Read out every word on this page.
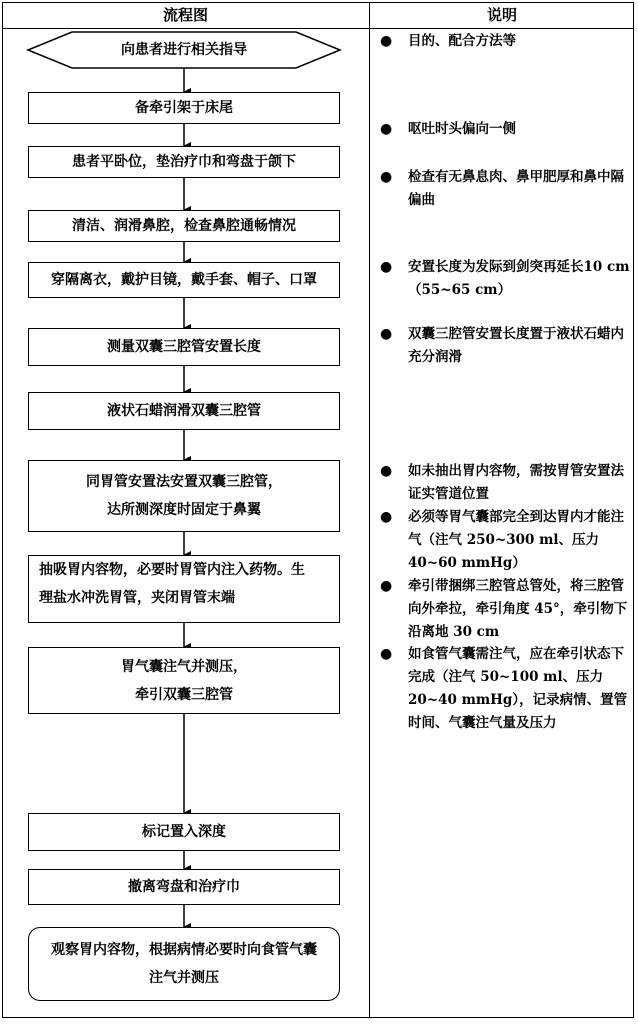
流程图	说明
向患者进行相关指导
备牵引架于床尾
患者平卧位，垫治疗巾和弯盘于颌下
清洁、润滑鼻腔，检查鼻腔通畅情况
穿隔离衣，戴护目镜，戴手套、帽子、口罩
测量双囊三腔管安置长度
液状石蜡润滑双囊三腔管
同胃管安置法安置双囊三腔管，
达所测深度时固定于鼻翼
抽吸胃内容物，必要时胃管内注入药物。生
理盐水冲洗胃管，夹闭胃管末端
胃气囊注气并测压，
牵引双囊三腔管
标记置入深度
撤离弯盘和治疗巾
观察胃内容物，根据病情必要时向食管气囊
注气并测压
● 目的、配合方法等
● 呕吐时头偏向一侧
● 检查有无鼻息肉、鼻甲肥厚和鼻中隔偏曲
● 安置长度为发际到剑突再延长10 cm（55~65 cm）
● 双囊三腔管安置长度置于液状石蜡内充分润滑
● 如未抽出胃内容物，需按胃管安置法证实管道位置
● 必须等胃气囊部完全到达胃内才能注气（注气 250~300 ml、压力 40~60 mmHg）
● 牵引带捆绑三腔管总管处，将三腔管向外牵拉，牵引角度 45°，牵引物下沿离地 30 cm
● 如食管气囊需注气，应在牵引状态下完成（注气 50~100 ml、压力 20~40 mmHg），记录病情、置管时间、气囊注气量及压力
